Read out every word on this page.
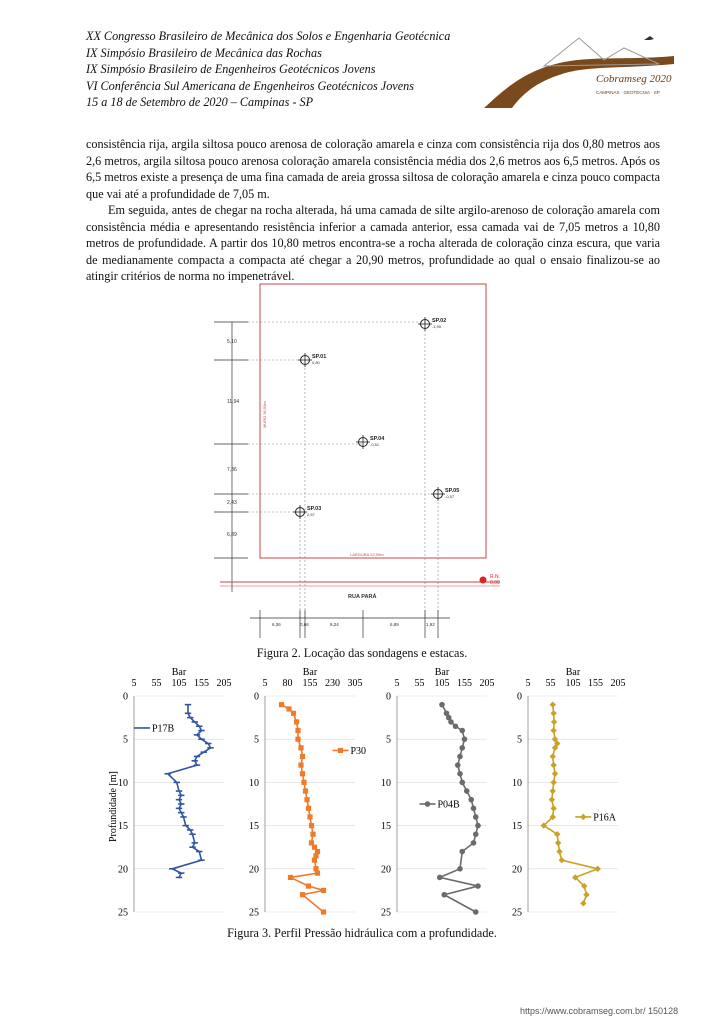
XX Congresso Brasileiro de Mecânica dos Solos e Engenharia Geotécnica
IX Simpósio Brasileiro de Mecânica das Rochas
IX Simpósio Brasileiro de Engenheiros Geotécnicos Jovens
VI Conferência Sul Americana de Engenheiros Geotécnicos Jovens
15 a 18 de Setembro de 2020 – Campinas - SP
Cobramseg 2020
CAMPINAS · GEOTECNIA · SP

consistência rija, argila siltosa pouco arenosa de coloração amarela e cinza com consistência rija dos 0,80 metros aos 2,6 metros, argila siltosa pouco arenosa coloração amarela consistência média dos 2,6 metros aos 6,5 metros. Após os 6,5 metros existe a presença de uma fina camada de areia grossa siltosa de coloração amarela e cinza pouco compacta que vai até a profundidade de 7,05 m.

Em seguida, antes de chegar na rocha alterada, há uma camada de silte argilo-arenoso de coloração amarela com consistência média e apresentando resistência inferior a camada anterior, essa camada vai de 7,05 metros a 10,80 metros de profundidade. A partir dos 10,80 metros encontra-se a rocha alterada de coloração cinza escura, que varia de medianamente compacta a compacta até chegar a 20,90 metros, profundidade ao qual o ensaio finalizou-se ao atingir critérios de norma no impenetrável.

5,10
11,94
7,36
2,43
6,89
MURO 36,50m
LARGURA 22,00m
SP.02
-1,95
SP.01
0,80
SP.04
-0,51
SP.05
-0,57
SP.03
2,57
R.N.
0,00
RUA PARÁ
6,36	0,66	8,24	6,89	1,92
Figura 2. Locação das sondagens e estacas.
Profundidade [m]
0
5
10
15
20
25
5 55 105 155 205
Bar
P17B
0
5
10
15
20
25
5 80 155 230 305
Bar
P30
0
5
10
15
20
25
5 55 105 155 205
Bar
P04B
0
5
10
15
20
25
5 55 105 155 205
Bar
P16A
Figura 3. Perfil Pressão hidráulica com a profundidade.
https://www.cobramseg.com.br/ 150128
